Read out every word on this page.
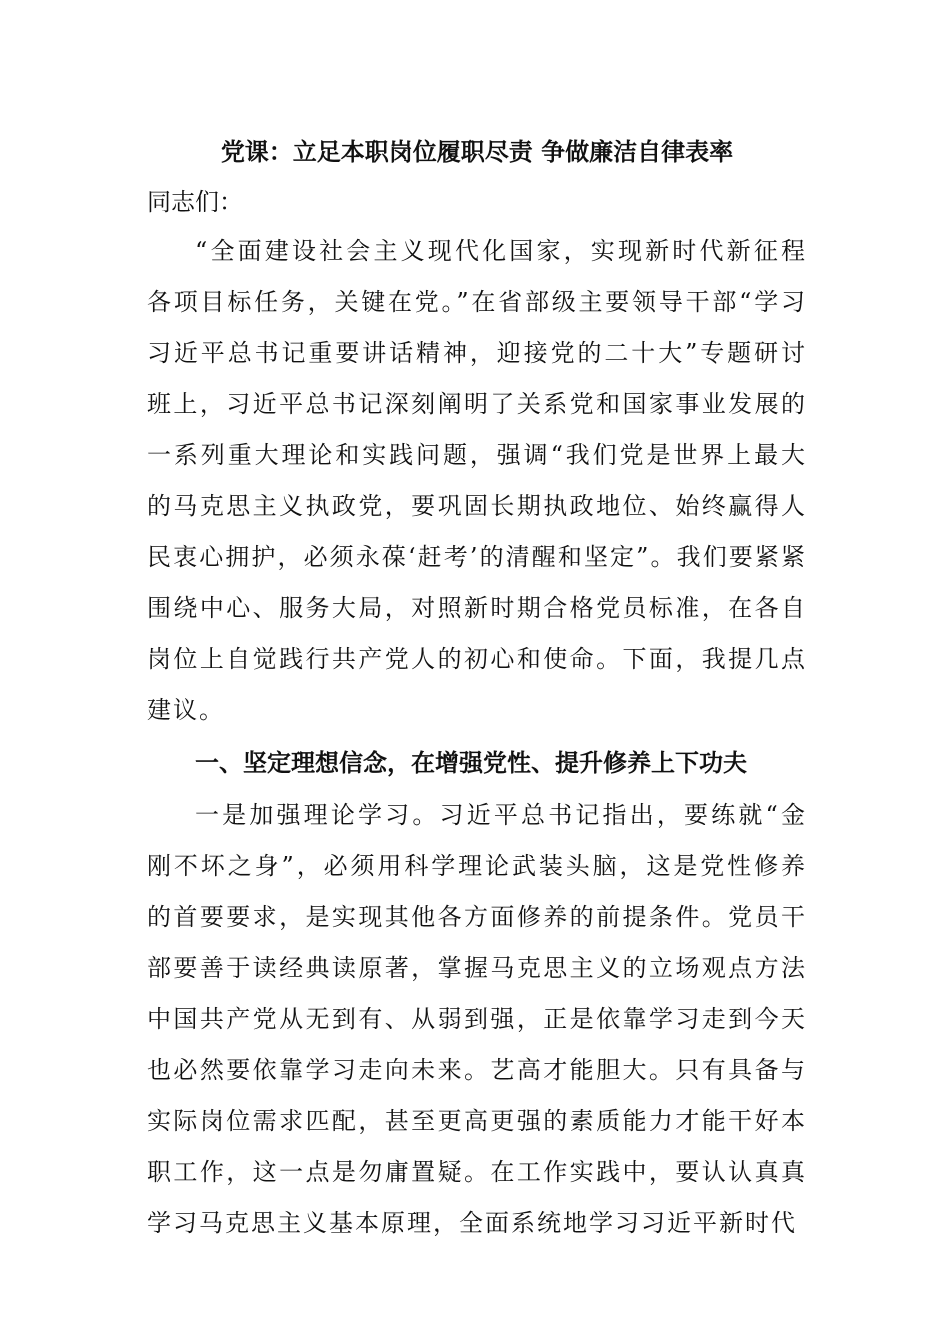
党课：立足本职岗位履职尽责 争做廉洁自律表率

同志们：

“全面建设社会主义现代化国家，实现新时代新征程各项目标任务，关键在党。”在省部级主要领导干部“学习习近平总书记重要讲话精神，迎接党的二十大”专题研讨班上，习近平总书记深刻阐明了关系党和国家事业发展的一系列重大理论和实践问题，强调“我们党是世界上最大的马克思主义执政党，要巩固长期执政地位、始终赢得人民衷心拥护，必须永葆‘赶考’的清醒和坚定”。我们要紧紧围绕中心、服务大局，对照新时期合格党员标准，在各自岗位上自觉践行共产党人的初心和使命。下面，我提几点建议。

一、坚定理想信念，在增强党性、提升修养上下功夫

一是加强理论学习。习近平总书记指出，要练就“金刚不坏之身”，必须用科学理论武装头脑，这是党性修养的首要要求，是实现其他各方面修养的前提条件。党员干部要善于读经典读原著，掌握马克思主义的立场观点方法中国共产党从无到有、从弱到强，正是依靠学习走到今天也必然要依靠学习走向未来。艺高才能胆大。只有具备与实际岗位需求匹配，甚至更高更强的素质能力才能干好本职工作，这一点是勿庸置疑。在工作实践中，要认认真真学习马克思主义基本原理，全面系统地学习习近平新时代
